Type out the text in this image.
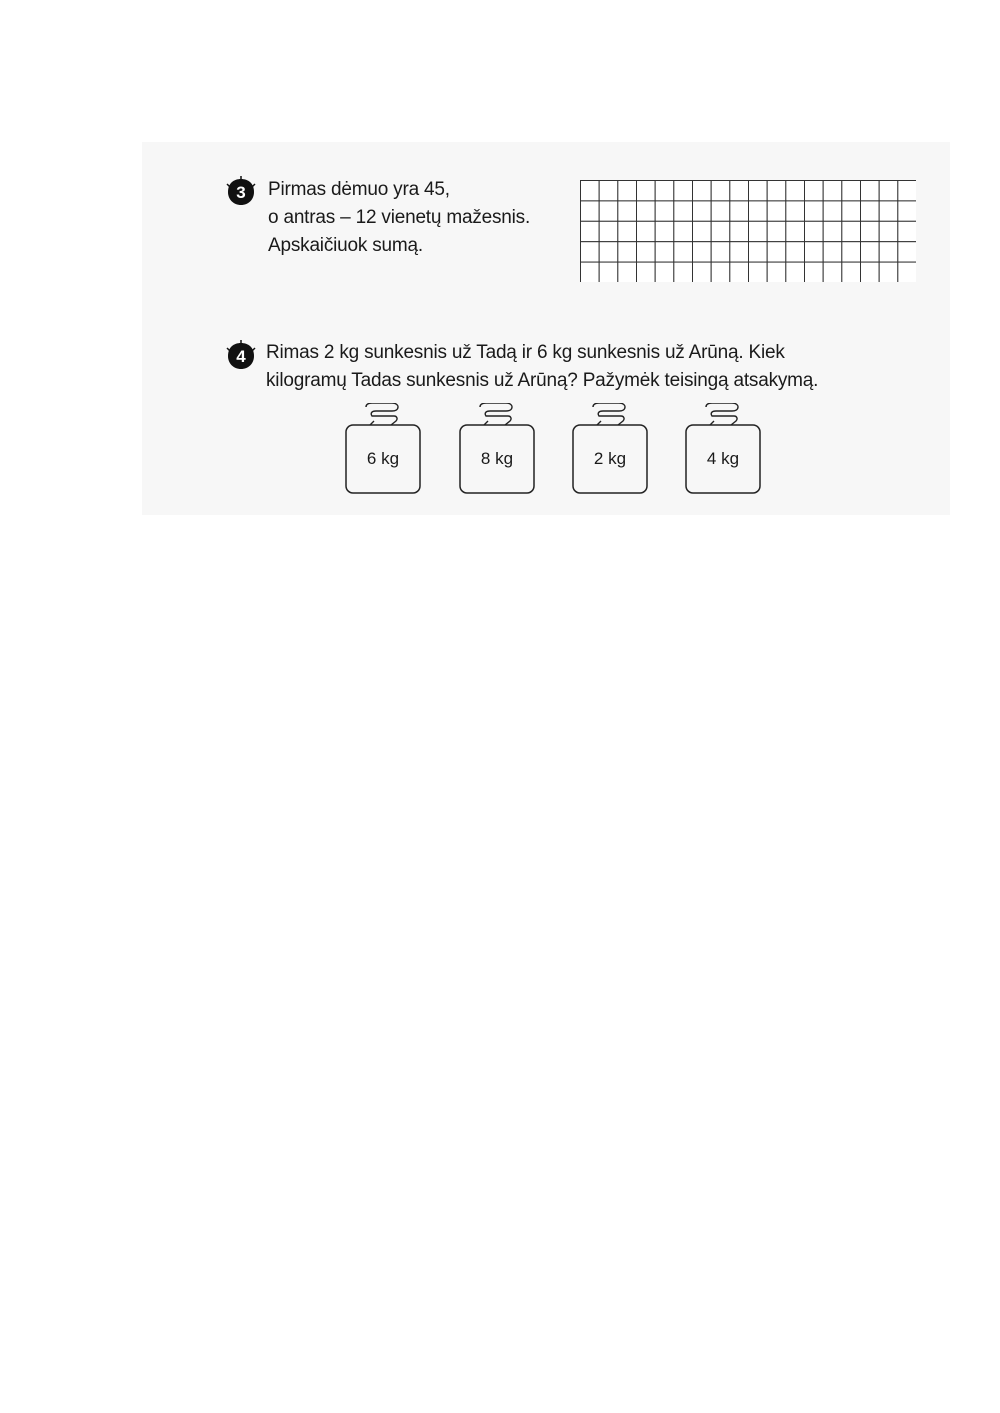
3 Pirmas dėmuo yra 45,
o antras – 12 vienetų mažesnis.
Apskaičiuok sumą.
4 Rimas 2 kg sunkesnis už Tadą ir 6 kg sunkesnis už Arūną. Kiek
kilogramų Tadas sunkesnis už Arūną? Pažymėk teisingą atsakymą.
6 kg	8 kg	2 kg	4 kg
